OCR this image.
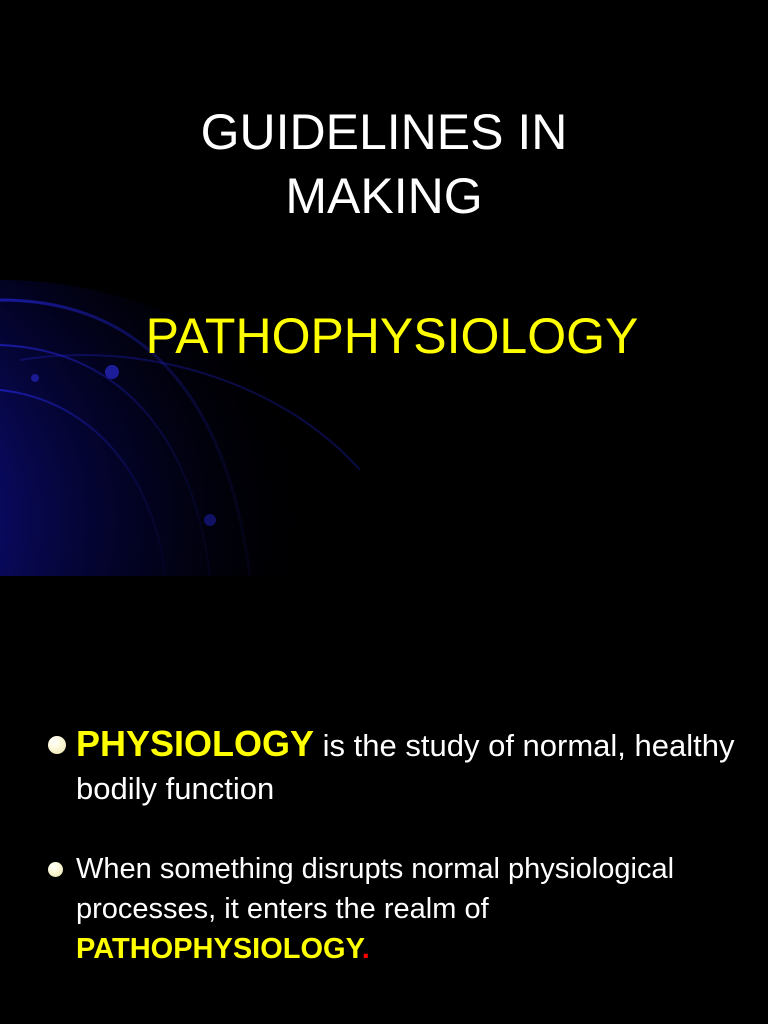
GUIDELINES IN
MAKING
PATHOPHYSIOLOGY
PHYSIOLOGY is the study of normal, healthy bodily function
When something disrupts normal physiological processes, it enters the realm of PATHOPHYSIOLOGY.
